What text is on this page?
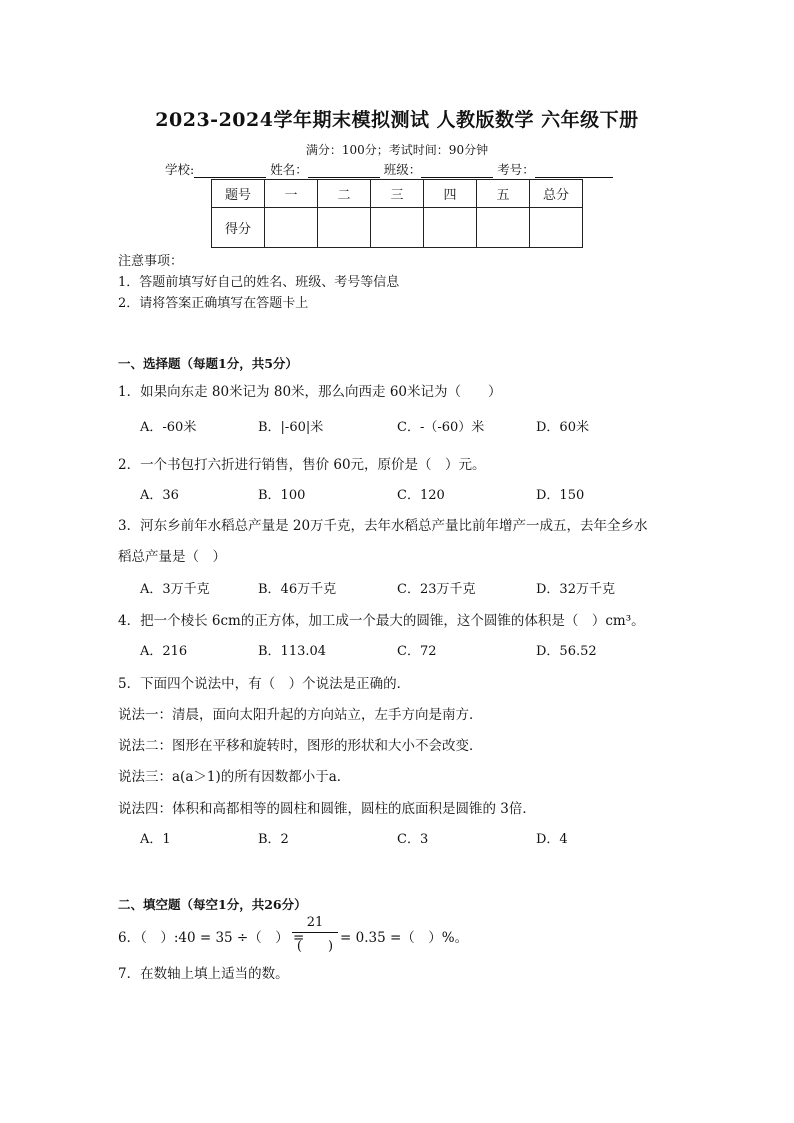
2023-2024学年期末模拟测试 人教版数学 六年级下册
满分：100分；考试时间：90分钟
学校:	姓名：	班级：	考号：
题号	一	二	三	四	五	总分
得分						
注意事项：
1．答题前填写好自己的姓名、班级、考号等信息
2．请将答案正确填写在答题卡上
一、选择题（每题1分，共5分）
1．如果向东走 80米记为 80米，那么向西走 60米记为（　　）
A．-60米	B．|-60|米	C．-（-60）米	D．60米
2．一个书包打六折进行销售，售价 60元，原价是（　）元。
A．36	B．100	C．120	D．150
3．河东乡前年水稻总产量是 20万千克，去年水稻总产量比前年增产一成五，去年全乡水
稻总产量是（　）
A．3万千克	B．46万千克	C．23万千克	D．32万千克
4．把一个棱长 6cm的正方体，加工成一个最大的圆锥，这个圆锥的体积是（　）cm³。
A．216	B．113.04	C．72	D．56.52
5．下面四个说法中，有（　）个说法是正确的．
说法一：清晨，面向太阳升起的方向站立，左手方向是南方．
说法二：图形在平移和旋转时，图形的形状和大小不会改变．
说法三：a(a＞1)的所有因数都小于a．
说法四：体积和高都相等的圆柱和圆锥，圆柱的底面积是圆锥的 3倍．
A．1	B．2	C．3	D．4
二、填空题（每空1分，共26分）
6．（　）:40 = 35 ÷（　） =
21
(　　)
= 0.35 =（　）%。
7．在数轴上填上适当的数。
